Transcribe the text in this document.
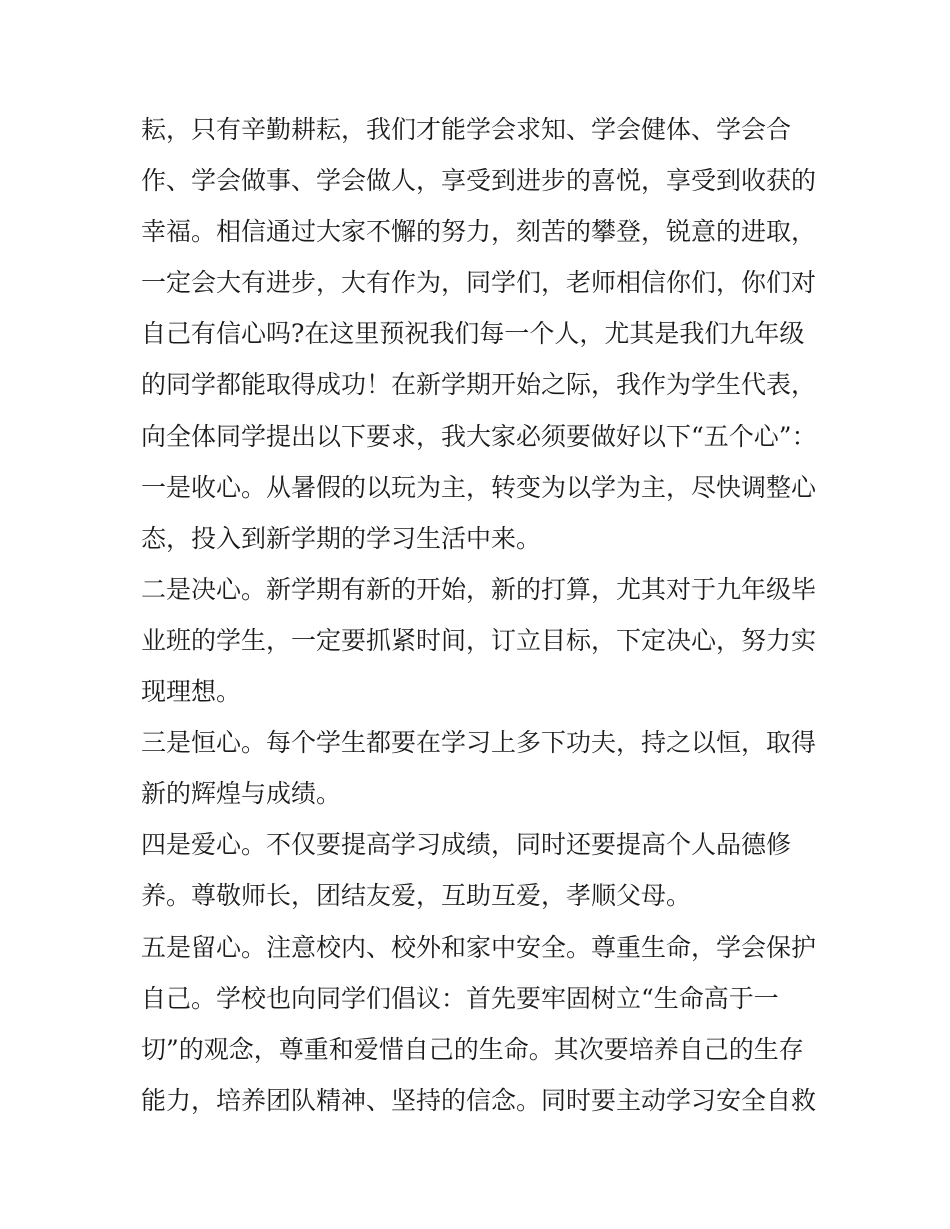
耘，只有辛勤耕耘，我们才能学会求知、学会健体、学会合
作、学会做事、学会做人，享受到进步的喜悦，享受到收获的
幸福。相信通过大家不懈的努力，刻苦的攀登，锐意的进取，
一定会大有进步，大有作为，同学们，老师相信你们，你们对
自己有信心吗?在这里预祝我们每一个人，尤其是我们九年级
的同学都能取得成功！在新学期开始之际，我作为学生代表，
向全体同学提出以下要求，我大家必须要做好以下“五个心”：
一是收心。从暑假的以玩为主，转变为以学为主，尽快调整心
态，投入到新学期的学习生活中来。
二是决心。新学期有新的开始，新的打算，尤其对于九年级毕
业班的学生，一定要抓紧时间，订立目标，下定决心，努力实
现理想。
三是恒心。每个学生都要在学习上多下功夫，持之以恒，取得
新的辉煌与成绩。
四是爱心。不仅要提高学习成绩，同时还要提高个人品德修
养。尊敬师长，团结友爱，互助互爱，孝顺父母。
五是留心。注意校内、校外和家中安全。尊重生命，学会保护
自己。学校也向同学们倡议：首先要牢固树立“生命高于一
切”的观念，尊重和爱惜自己的生命。其次要培养自己的生存
能力，培养团队精神、坚持的信念。同时要主动学习安全自救
